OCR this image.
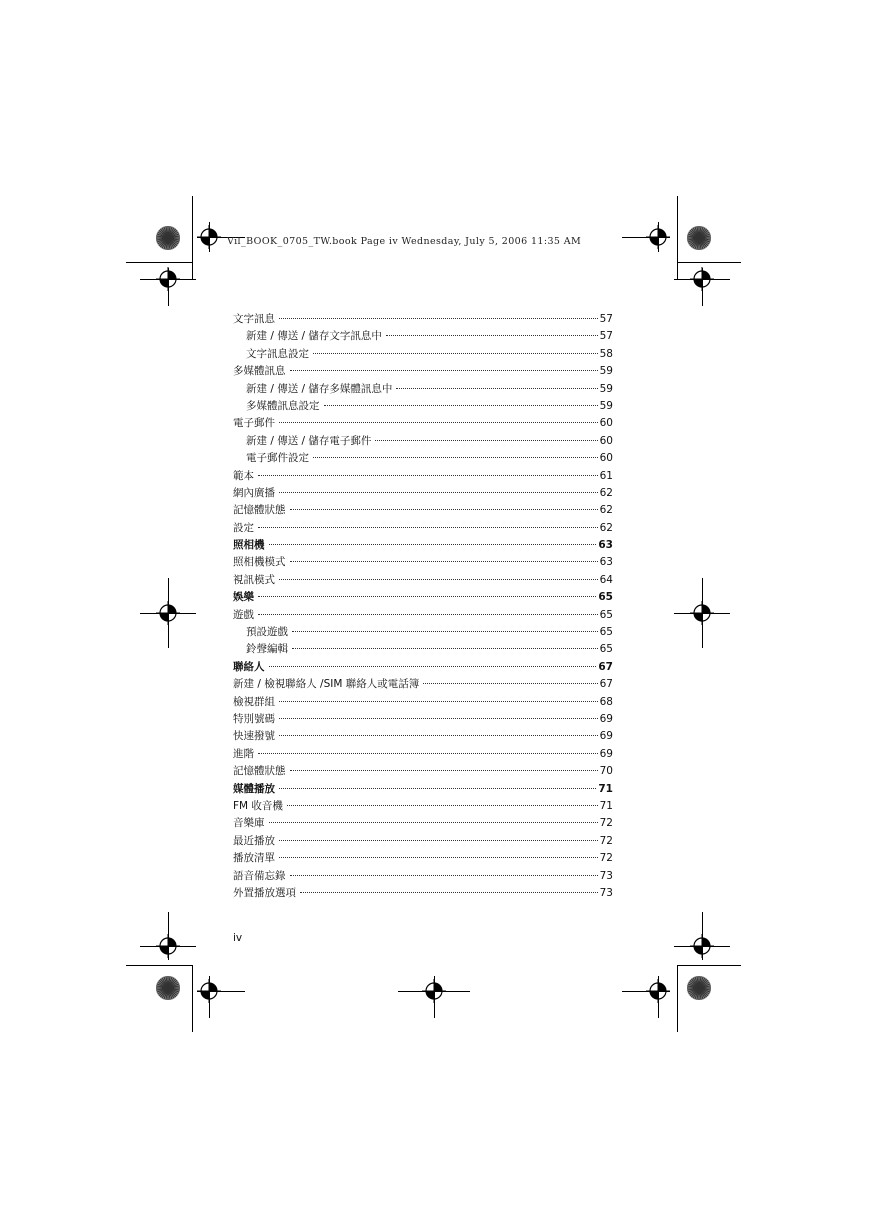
Vil_BOOK_0705_TW.book Page iv Wednesday, July 5, 2006 11:35 AM
文字訊息	57
新建 / 傳送 / 儲存文字訊息中	57
文字訊息設定	58
多媒體訊息	59
新建 / 傳送 / 儲存多媒體訊息中	59
多媒體訊息設定	59
電子郵件	60
新建 / 傳送 / 儲存電子郵件	60
電子郵件設定	60
範本	61
網內廣播	62
記憶體狀態	62
設定	62
照相機	63
照相機模式	63
視訊模式	64
娛樂	65
遊戲	65
預設遊戲	65
鈴聲編輯	65
聯絡人	67
新建 / 檢視聯絡人 /SIM 聯絡人或電話簿	67
檢視群組	68
特別號碼	69
快速撥號	69
進階	69
記憶體狀態	70
媒體播放	71
FM 收音機	71
音樂庫	72
最近播放	72
播放清單	72
語音備忘錄	73
外置播放選項	73
iv
